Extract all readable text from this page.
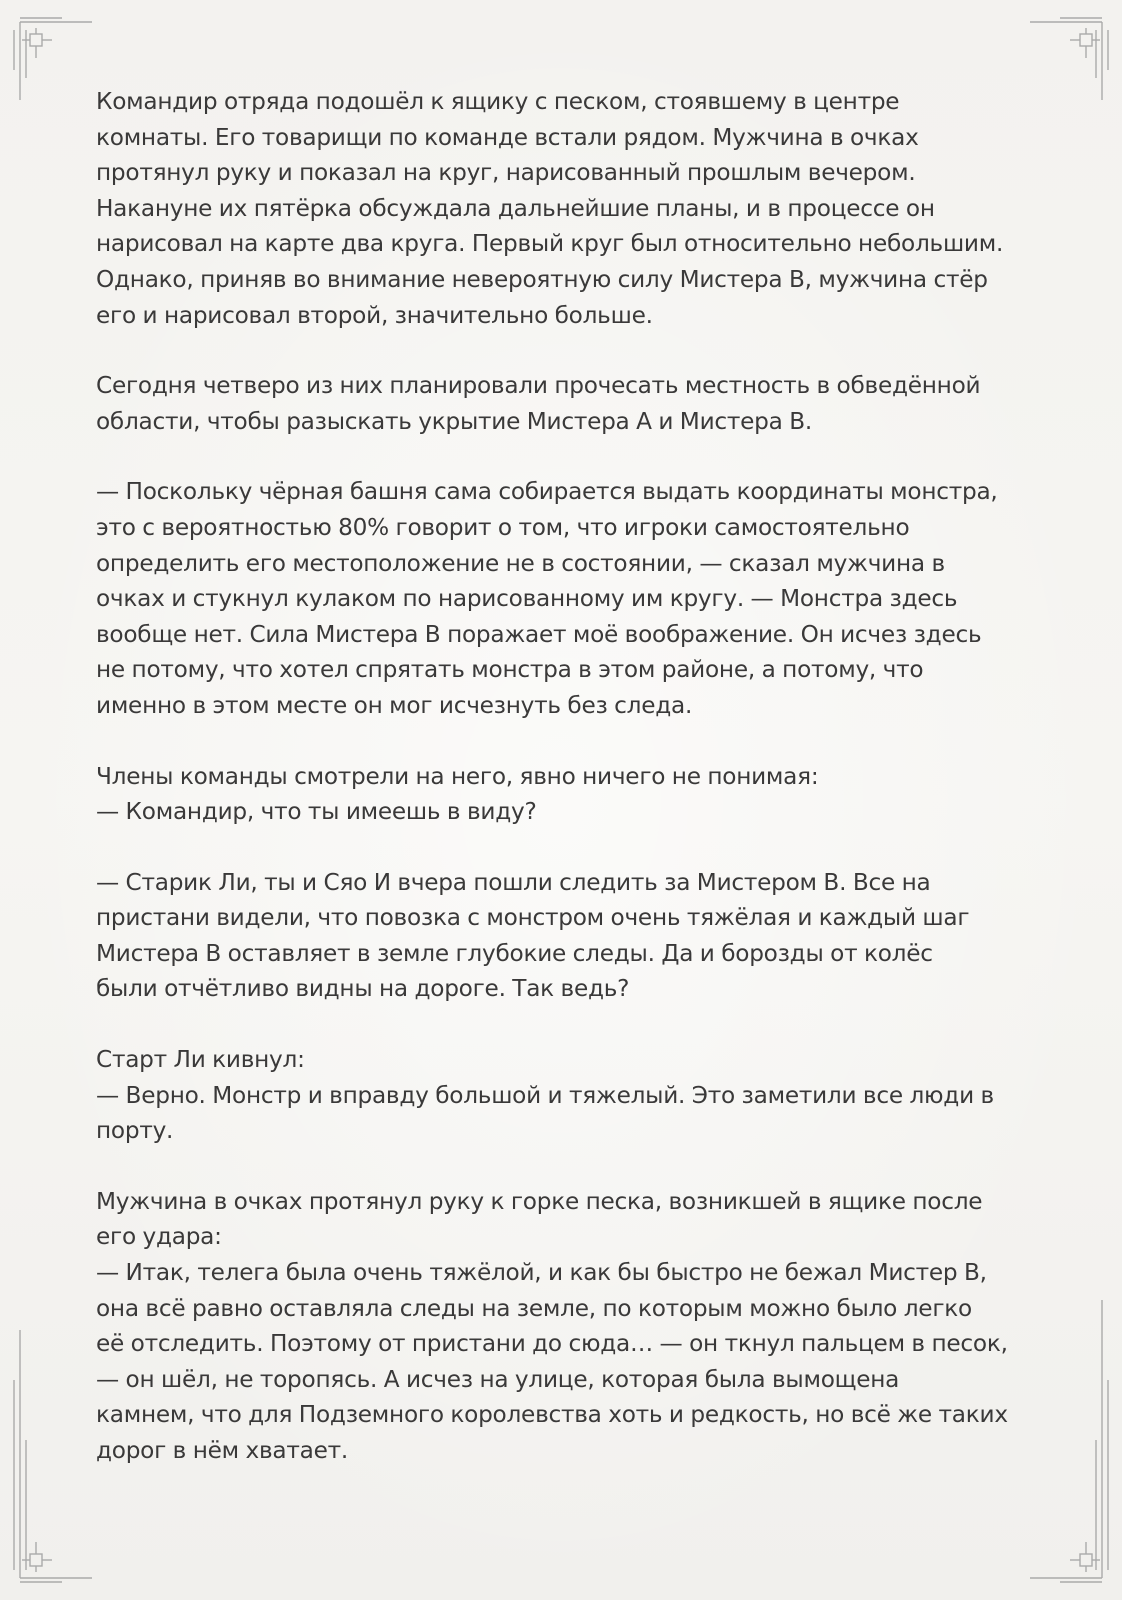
Командир отряда подошёл к ящику с песком, стоявшему в центре
комнаты. Его товарищи по команде встали рядом. Мужчина в очках
протянул руку и показал на круг, нарисованный прошлым вечером.
Накануне их пятёрка обсуждала дальнейшие планы, и в процессе он
нарисовал на карте два круга. Первый круг был относительно небольшим.
Однако, приняв во внимание невероятную силу Мистера В, мужчина стёр
его и нарисовал второй, значительно больше.

Сегодня четверо из них планировали прочесать местность в обведённой
области, чтобы разыскать укрытие Мистера А и Мистера В.

— Поскольку чёрная башня сама собирается выдать координаты монстра,
это с вероятностью 80% говорит о том, что игроки самостоятельно
определить его местоположение не в состоянии, — сказал мужчина в
очках и стукнул кулаком по нарисованному им кругу. — Монстра здесь
вообще нет. Сила Мистера В поражает моё воображение. Он исчез здесь
не потому, что хотел спрятать монстра в этом районе, а потому, что
именно в этом месте он мог исчезнуть без следа.

Члены команды смотрели на него, явно ничего не понимая:
— Командир, что ты имеешь в виду?

— Старик Ли, ты и Сяо И вчера пошли следить за Мистером В. Все на
пристани видели, что повозка с монстром очень тяжёлая и каждый шаг
Мистера В оставляет в земле глубокие следы. Да и борозды от колёс
были отчётливо видны на дороге. Так ведь?

Старт Ли кивнул:
— Верно. Монстр и вправду большой и тяжелый. Это заметили все люди в
порту.

Мужчина в очках протянул руку к горке песка, возникшей в ящике после
его удара:
— Итак, телега была очень тяжёлой, и как бы быстро не бежал Мистер В,
она всё равно оставляла следы на земле, по которым можно было легко
её отследить. Поэтому от пристани до сюда… — он ткнул пальцем в песок,
— он шёл, не торопясь. А исчез на улице, которая была вымощена
камнем, что для Подземного королевства хоть и редкость, но всё же таких
дорог в нём хватает.
